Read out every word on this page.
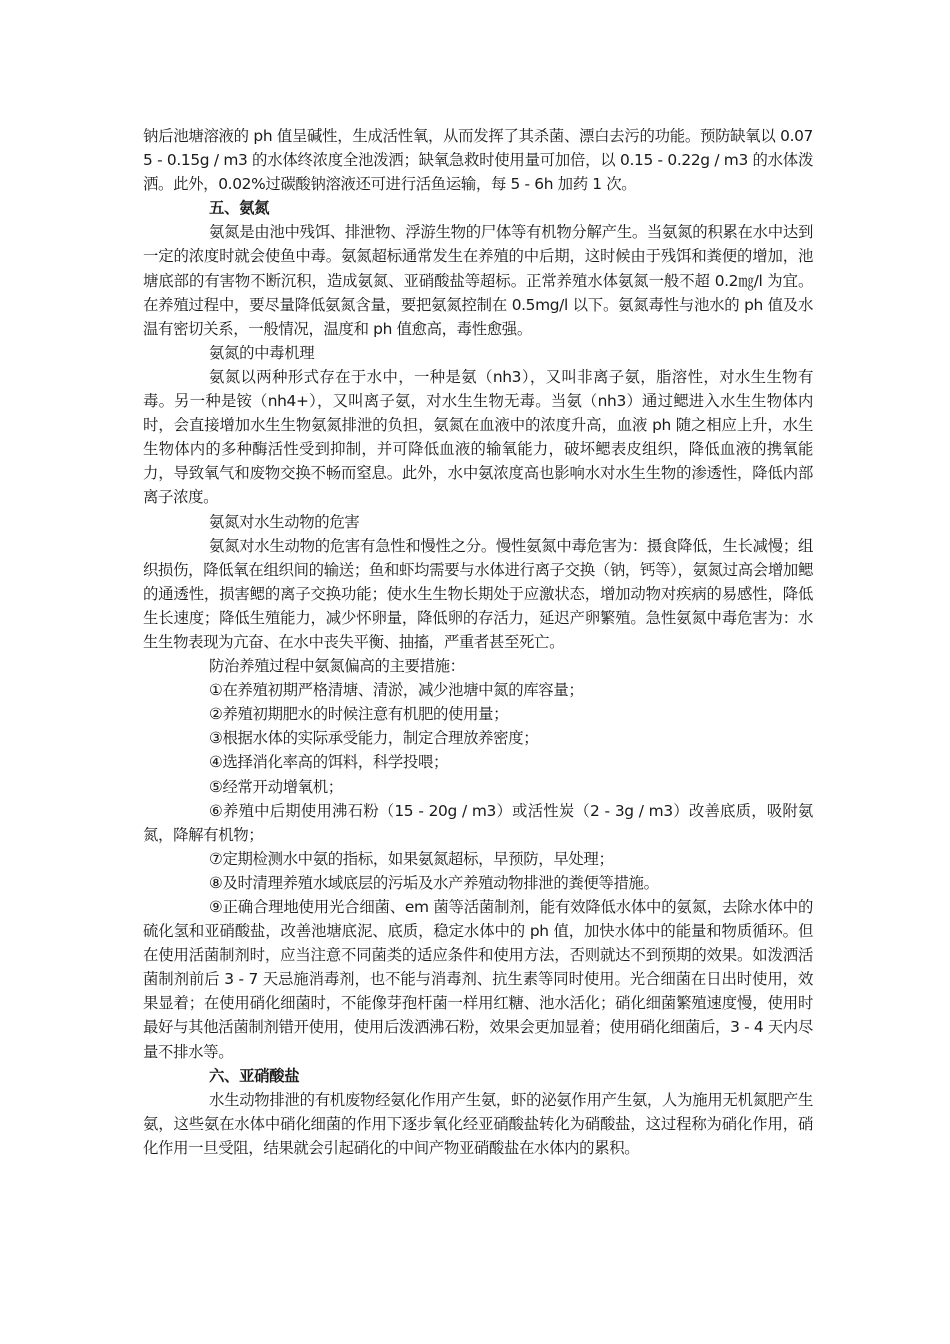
钠后池塘溶液的 ph 值呈碱性，生成活性氧，从而发挥了其杀菌、漂白去污的功能。预防缺氧以 0.075 - 0.15g / m3 的水体终浓度全池泼洒；缺氧急救时使用量可加倍，以 0.15 - 0.22g / m3 的水体泼洒。此外，0.02%过碳酸钠溶液还可进行活鱼运输，每 5 - 6h 加药 1 次。

五、氨氮

氨氮是由池中残饵、排泄物、浮游生物的尸体等有机物分解产生。当氨氮的积累在水中达到一定的浓度时就会使鱼中毒。氨氮超标通常发生在养殖的中后期，这时候由于残饵和粪便的增加，池塘底部的有害物不断沉积，造成氨氮、亚硝酸盐等超标。正常养殖水体氨氮一般不超 0.2㎎/l 为宜。在养殖过程中，要尽量降低氨氮含量，要把氨氮控制在 0.5mg/l 以下。氨氮毒性与池水的 ph 值及水温有密切关系，一般情况，温度和 ph 值愈高，毒性愈强。

氨氮的中毒机理

氨氮以两种形式存在于水中，一种是氨（nh3），又叫非离子氨，脂溶性，对水生生物有毒。另一种是铵（nh4+），又叫离子氨，对水生生物无毒。当氨（nh3）通过鳃进入水生生物体内时，会直接增加水生生物氨氮排泄的负担，氨氮在血液中的浓度升高，血液 ph 随之相应上升，水生生物体内的多种酶活性受到抑制，并可降低血液的输氧能力，破坏鳃表皮组织，降低血液的携氧能力，导致氧气和废物交换不畅而窒息。此外，水中氨浓度高也影响水对水生生物的渗透性，降低内部离子浓度。

氨氮对水生动物的危害

氨氮对水生动物的危害有急性和慢性之分。慢性氨氮中毒危害为：摄食降低，生长减慢；组织损伤，降低氧在组织间的输送；鱼和虾均需要与水体进行离子交换（钠，钙等），氨氮过高会增加鳃的通透性，损害鳃的离子交换功能；使水生生物长期处于应激状态，增加动物对疾病的易感性，降低生长速度；降低生殖能力，减少怀卵量，降低卵的存活力，延迟产卵繁殖。急性氨氮中毒危害为：水生生物表现为亢奋、在水中丧失平衡、抽搐，严重者甚至死亡。

防治养殖过程中氨氮偏高的主要措施：

①在养殖初期严格清塘、清淤，减少池塘中氮的库容量；

②养殖初期肥水的时候注意有机肥的使用量；

③根据水体的实际承受能力，制定合理放养密度；

④选择消化率高的饵料，科学投喂；

⑤经常开动增氧机；

⑥养殖中后期使用沸石粉（15 - 20g / m3）或活性炭（2 - 3g / m3）改善底质，吸附氨氮，降解有机物；

⑦定期检测水中氨的指标，如果氨氮超标，早预防，早处理；

⑧及时清理养殖水域底层的污垢及水产养殖动物排泄的粪便等措施。

⑨正确合理地使用光合细菌、em 菌等活菌制剂，能有效降低水体中的氨氮，去除水体中的硫化氢和亚硝酸盐，改善池塘底泥、底质，稳定水体中的 ph 值，加快水体中的能量和物质循环。但在使用活菌制剂时，应当注意不同菌类的适应条件和使用方法，否则就达不到预期的效果。如泼洒活菌制剂前后 3 - 7 天忌施消毒剂，也不能与消毒剂、抗生素等同时使用。光合细菌在日出时使用，效果显着；在使用硝化细菌时，不能像芽孢杆菌一样用红糖、池水活化；硝化细菌繁殖速度慢，使用时最好与其他活菌制剂错开使用，使用后泼洒沸石粉，效果会更加显着；使用硝化细菌后，3 - 4 天内尽量不排水等。

六、亚硝酸盐

水生动物排泄的有机废物经氨化作用产生氨，虾的泌氨作用产生氨，人为施用无机氮肥产生氨，这些氨在水体中硝化细菌的作用下逐步氧化经亚硝酸盐转化为硝酸盐，这过程称为硝化作用，硝化作用一旦受阻，结果就会引起硝化的中间产物亚硝酸盐在水体内的累积。
